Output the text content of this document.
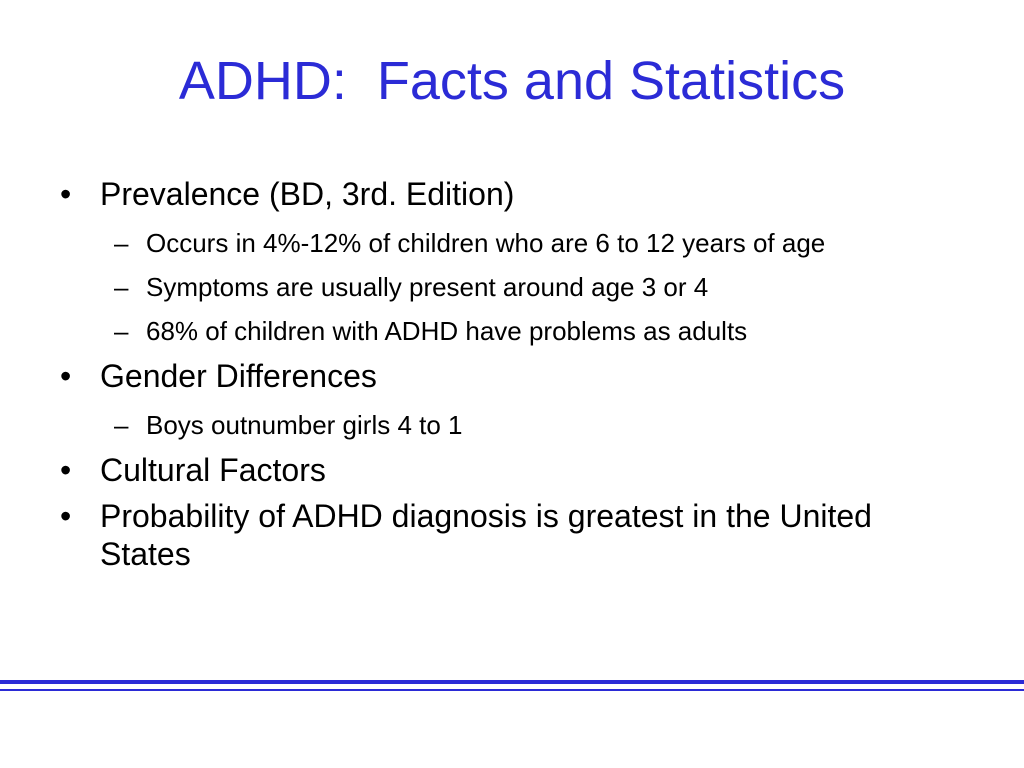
ADHD:  Facts and Statistics
• Prevalence (BD, 3rd. Edition)
– Occurs in 4%-12% of children who are 6 to 12 years of age
– Symptoms are usually present around age 3 or 4
– 68% of children with ADHD have problems as adults
• Gender Differences
– Boys outnumber girls 4 to 1
• Cultural Factors
• Probability of ADHD diagnosis is greatest in the United States
